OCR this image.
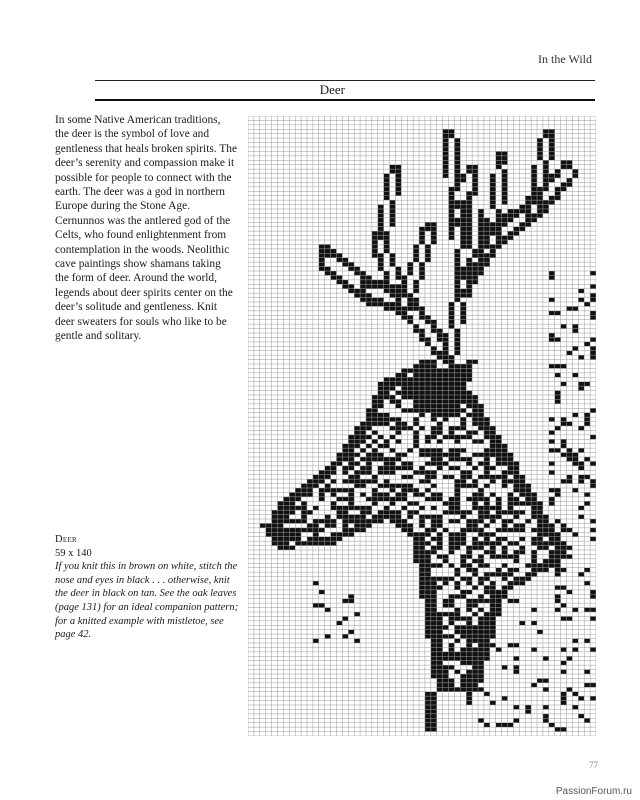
In the Wild
Deer

In some Native American traditions, the deer is the symbol of love and gentleness that heals broken spirits. The deer’s serenity and compassion make it possible for people to connect with the earth. The deer was a god in northern Europe during the Stone Age. Cernunnos was the antlered god of the Celts, who found enlightenment from contemplation in the woods. Neolithic cave paintings show shamans taking the form of deer. Around the world, legends about deer spirits center on the deer’s solitude and gentleness. Knit deer sweaters for souls who like to be gentle and solitary.

Deer
59 x 140
If you knit this in brown on white, stitch the nose and eyes in black . . . otherwise, knit the deer in black on tan. See the oak leaves (page 131) for an ideal companion pattern; for a knitted example with mistletoe, see page 42.
77
PassionForum.ru
